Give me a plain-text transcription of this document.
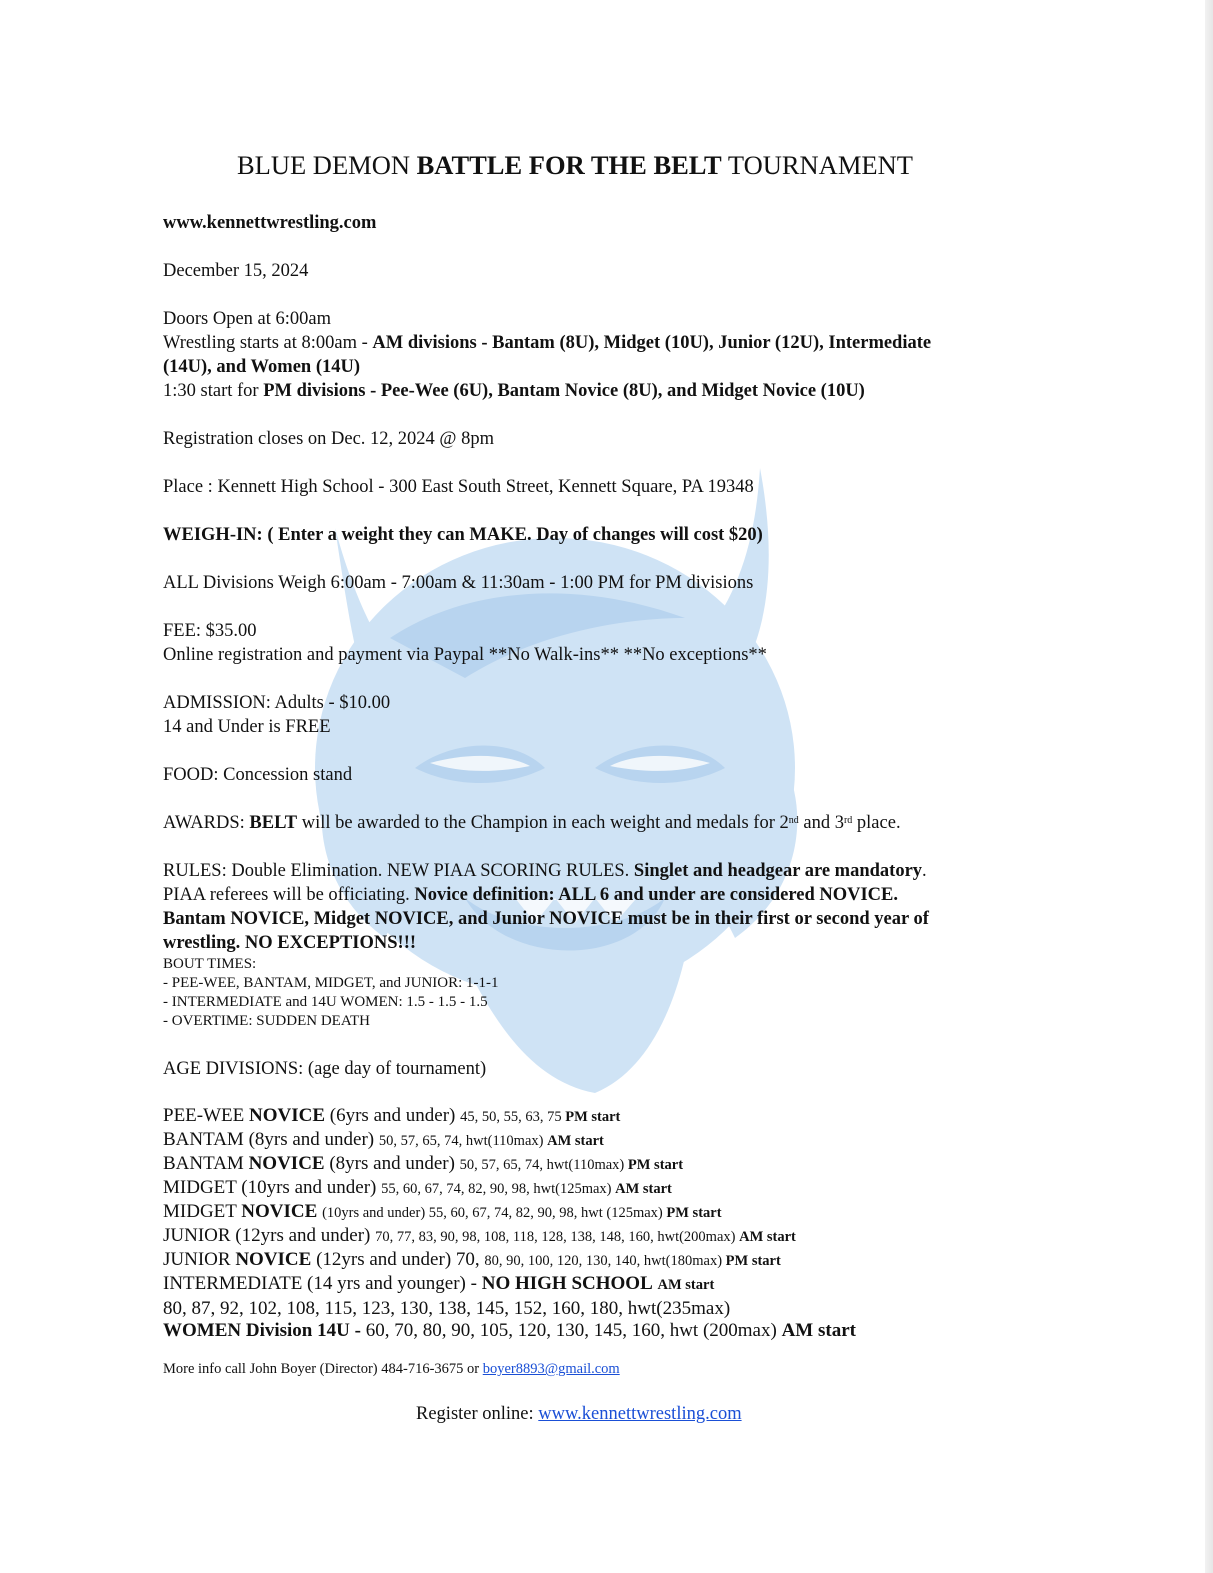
BLUE DEMON BATTLE FOR THE BELT TOURNAMENT
www.kennettwrestling.com
December 15, 2024
Doors Open at 6:00am
Wrestling starts at 8:00am - AM divisions - Bantam (8U), Midget (10U), Junior (12U), Intermediate
(14U), and Women (14U)
1:30 start for PM divisions - Pee-Wee (6U), Bantam Novice (8U), and Midget Novice (10U)
Registration closes on Dec. 12, 2024 @ 8pm
Place : Kennett High School - 300 East South Street, Kennett Square, PA 19348
WEIGH-IN: ( Enter a weight they can MAKE. Day of changes will cost $20)
ALL Divisions Weigh 6:00am - 7:00am & 11:30am - 1:00 PM for PM divisions
FEE: $35.00
Online registration and payment via Paypal **No Walk-ins** **No exceptions**
ADMISSION: Adults - $10.00
14 and Under is FREE
FOOD: Concession stand
AWARDS: BELT will be awarded to the Champion in each weight and medals for 2nd and 3rd place.
RULES: Double Elimination. NEW PIAA SCORING RULES. Singlet and headgear are mandatory.
PIAA referees will be officiating. Novice definition: ALL 6 and under are considered NOVICE.
Bantam NOVICE, Midget NOVICE, and Junior NOVICE must be in their first or second year of
wrestling. NO EXCEPTIONS!!!
BOUT TIMES:
- PEE-WEE, BANTAM, MIDGET, and JUNIOR: 1-1-1
- INTERMEDIATE and 14U WOMEN: 1.5 - 1.5 - 1.5
- OVERTIME: SUDDEN DEATH
AGE DIVISIONS: (age day of tournament)
PEE-WEE NOVICE (6yrs and under) 45, 50, 55, 63, 75 PM start
BANTAM (8yrs and under) 50, 57, 65, 74, hwt(110max) AM start
BANTAM NOVICE (8yrs and under) 50, 57, 65, 74, hwt(110max) PM start
MIDGET (10yrs and under) 55, 60, 67, 74, 82, 90, 98, hwt(125max) AM start
MIDGET NOVICE (10yrs and under) 55, 60, 67, 74, 82, 90, 98, hwt (125max) PM start
JUNIOR (12yrs and under) 70, 77, 83, 90, 98, 108, 118, 128, 138, 148, 160, hwt(200max) AM start
JUNIOR NOVICE (12yrs and under) 70, 80, 90, 100, 120, 130, 140, hwt(180max) PM start
INTERMEDIATE (14 yrs and younger) - NO HIGH SCHOOL AM start
80, 87, 92, 102, 108, 115, 123, 130, 138, 145, 152, 160, 180, hwt(235max)
WOMEN Division 14U - 60, 70, 80, 90, 105, 120, 130, 145, 160, hwt (200max) AM start
More info call John Boyer (Director) 484-716-3675 or boyer8893@gmail.com
Register online: www.kennettwrestling.com
